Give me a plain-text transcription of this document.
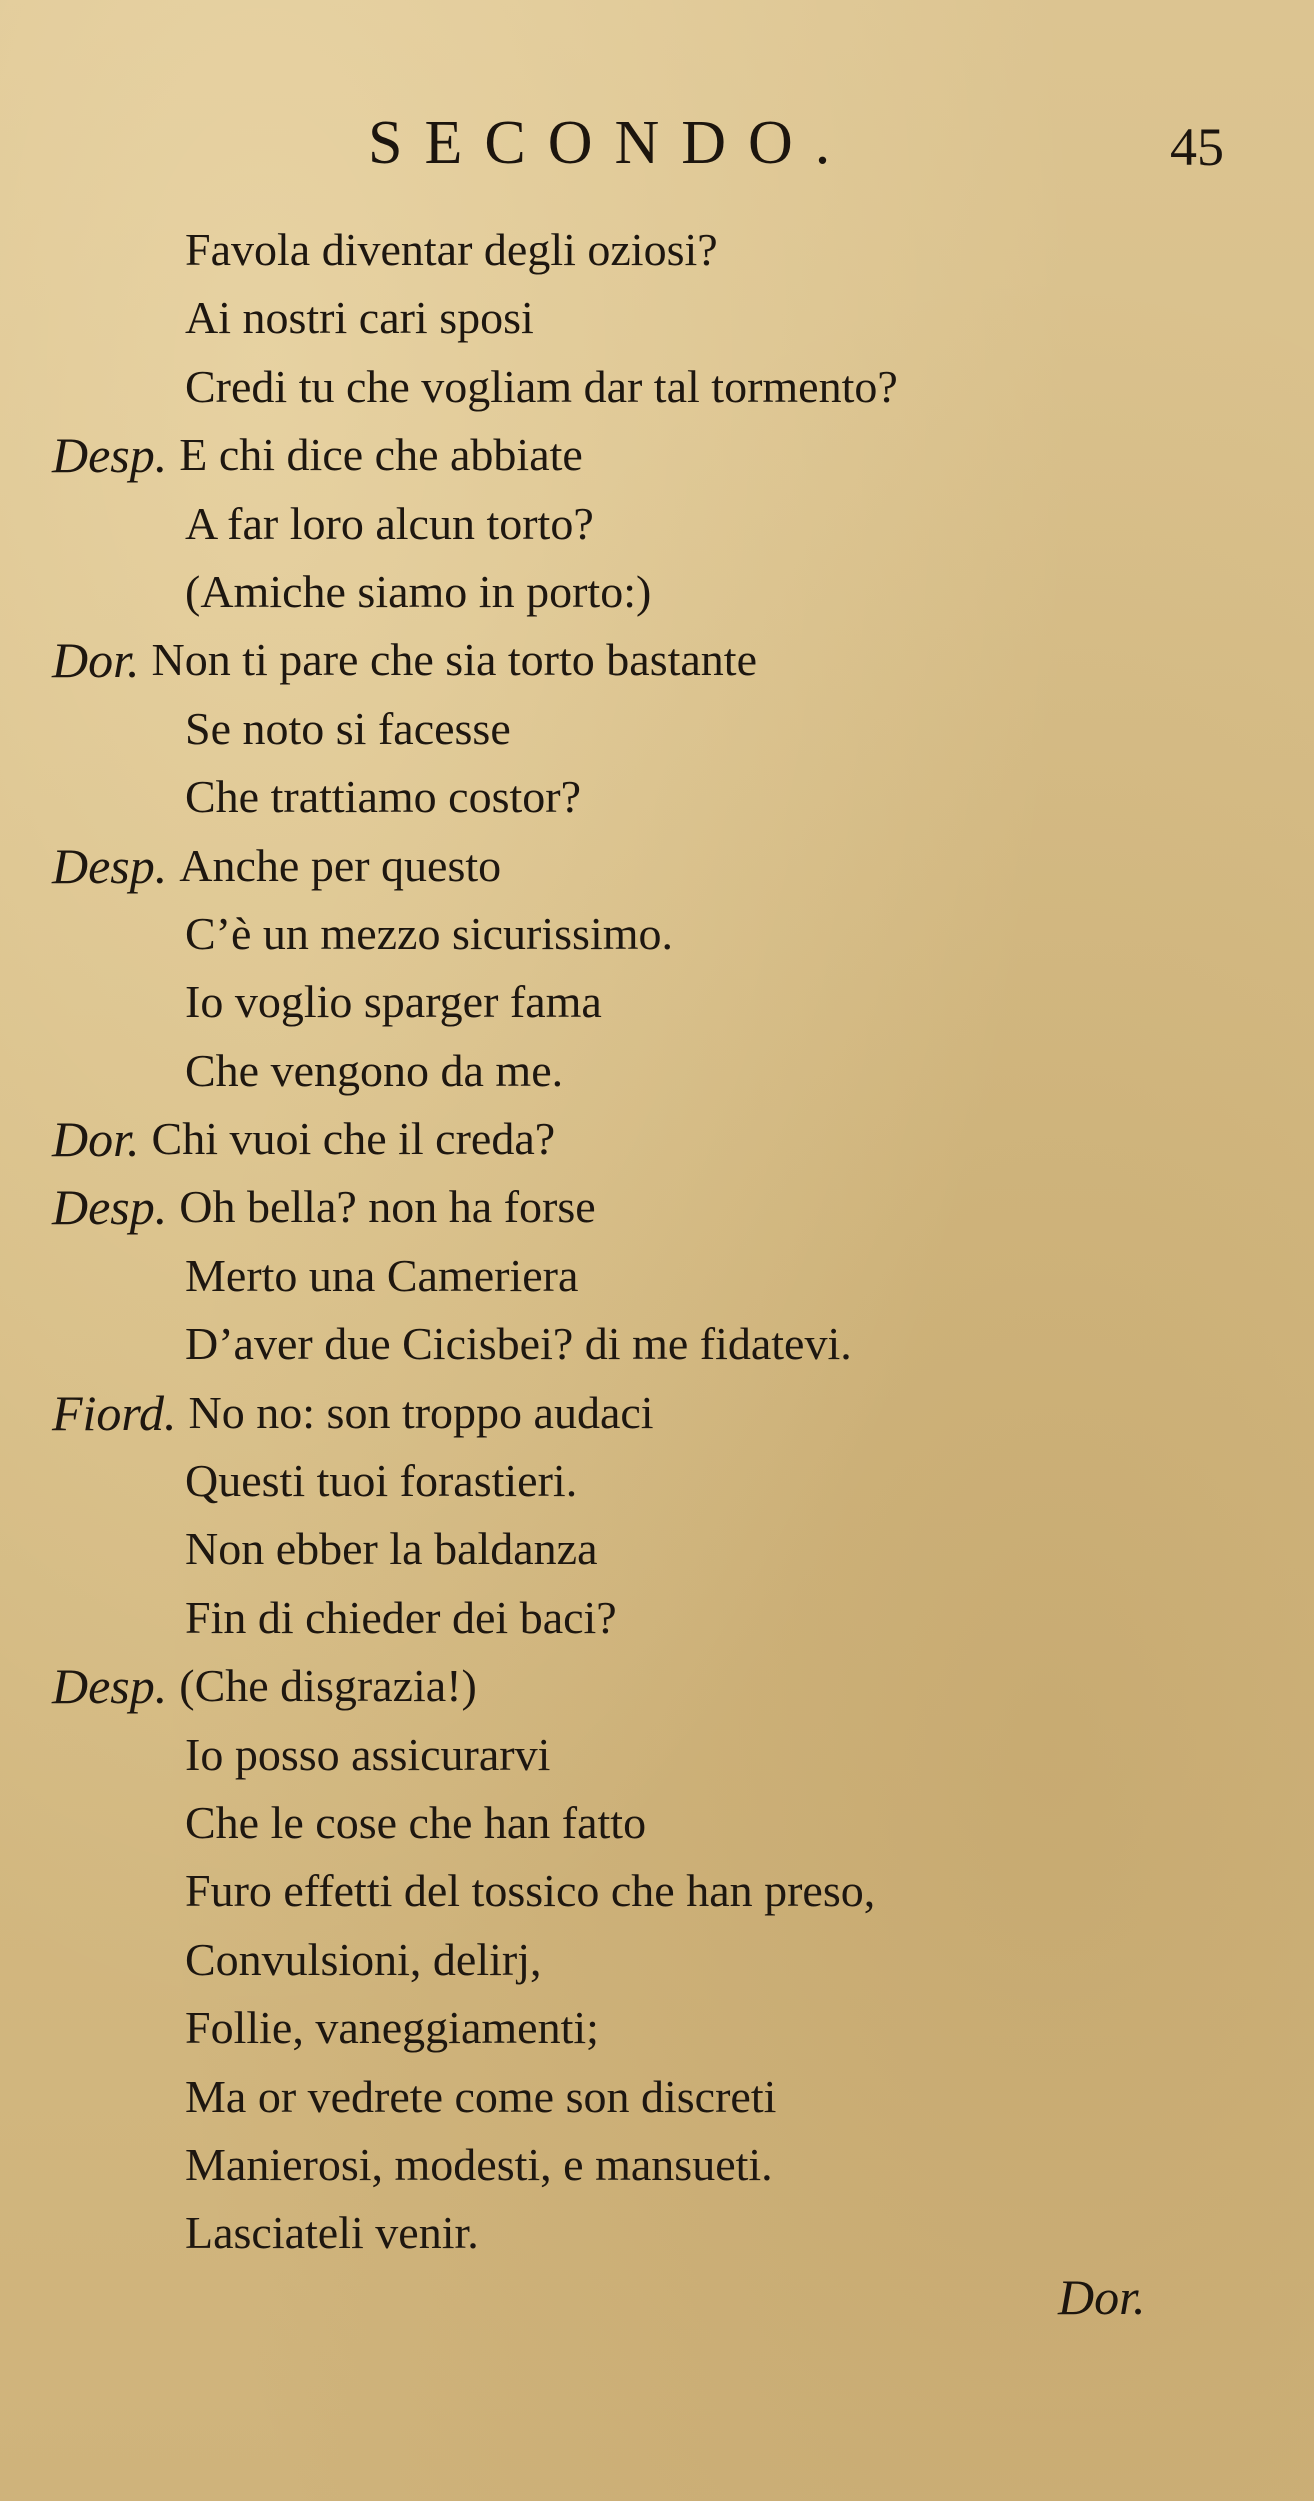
SECONDO.	45
Favola diventar degli oziosi?
Ai nostri cari sposi
Credi tu che vogliam dar tal tormento?
Desp. E chi dice che abbiate
A far loro alcun torto?
(Amiche siamo in porto:)
Dor. Non ti pare che sia torto bastante
Se noto si facesse
Che trattiamo costor?
Desp. Anche per questo
C’è un mezzo sicurissimo.
Io voglio sparger fama
Che vengono da me.
Dor. Chi vuoi che il creda?
Desp. Oh bella? non ha forse
Merto una Cameriera
D’aver due Cicisbei? di me fidatevi.
Fiord. No no: son troppo audaci
Questi tuoi forastieri.
Non ebber la baldanza
Fin di chieder dei baci?
Desp. (Che disgrazia!)
Io posso assicurarvi
Che le cose che han fatto
Furo effetti del tossico che han preso,
Convulsioni, delirj,
Follie, vaneggiamenti;
Ma or vedrete come son discreti
Manierosi, modesti, e mansueti.
Lasciateli venir.
Dor.
